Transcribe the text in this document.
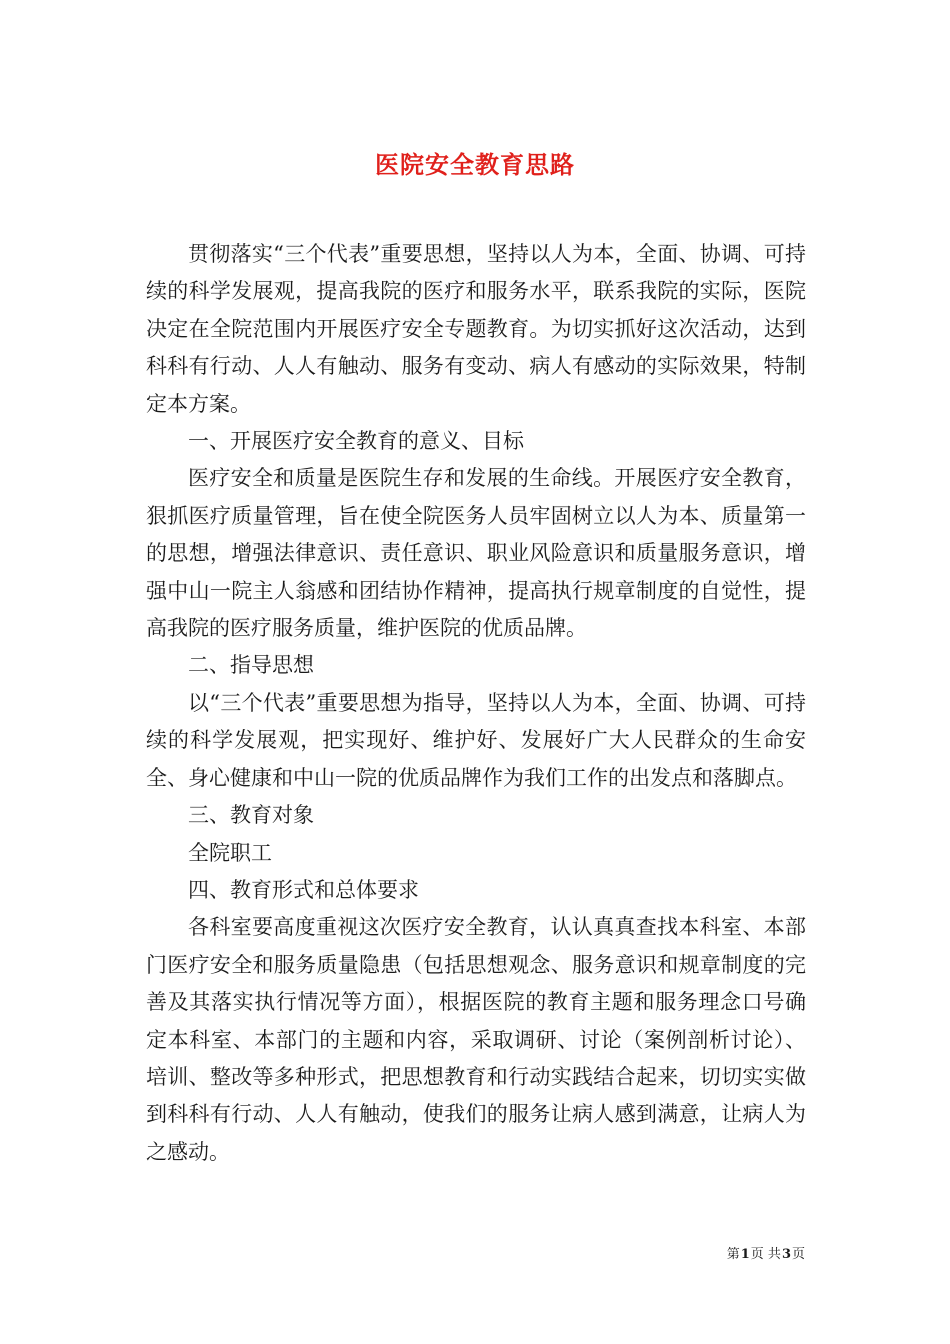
医院安全教育思路

贯彻落实“三个代表”重要思想，坚持以人为本，全面、协调、可持续的科学发展观，提高我院的医疗和服务水平，联系我院的实际，医院决定在全院范围内开展医疗安全专题教育。为切实抓好这次活动，达到科科有行动、人人有触动、服务有变动、病人有感动的实际效果，特制定本方案。

一、开展医疗安全教育的意义、目标

医疗安全和质量是医院生存和发展的生命线。开展医疗安全教育，狠抓医疗质量管理，旨在使全院医务人员牢固树立以人为本、质量第一的思想，增强法律意识、责任意识、职业风险意识和质量服务意识，增强中山一院主人翁感和团结协作精神，提高执行规章制度的自觉性，提高我院的医疗服务质量，维护医院的优质品牌。

二、指导思想

以“三个代表”重要思想为指导，坚持以人为本，全面、协调、可持续的科学发展观，把实现好、维护好、发展好广大人民群众的生命安全、身心健康和中山一院的优质品牌作为我们工作的出发点和落脚点。

三、教育对象

全院职工

四、教育形式和总体要求

各科室要高度重视这次医疗安全教育，认认真真查找本科室、本部门医疗安全和服务质量隐患（包括思想观念、服务意识和规章制度的完善及其落实执行情况等方面），根据医院的教育主题和服务理念口号确定本科室、本部门的主题和内容，采取调研、讨论（案例剖析讨论）、培训、整改等多种形式，把思想教育和行动实践结合起来，切切实实做到科科有行动、人人有触动，使我们的服务让病人感到满意，让病人为之感动。

第1页 共3页
